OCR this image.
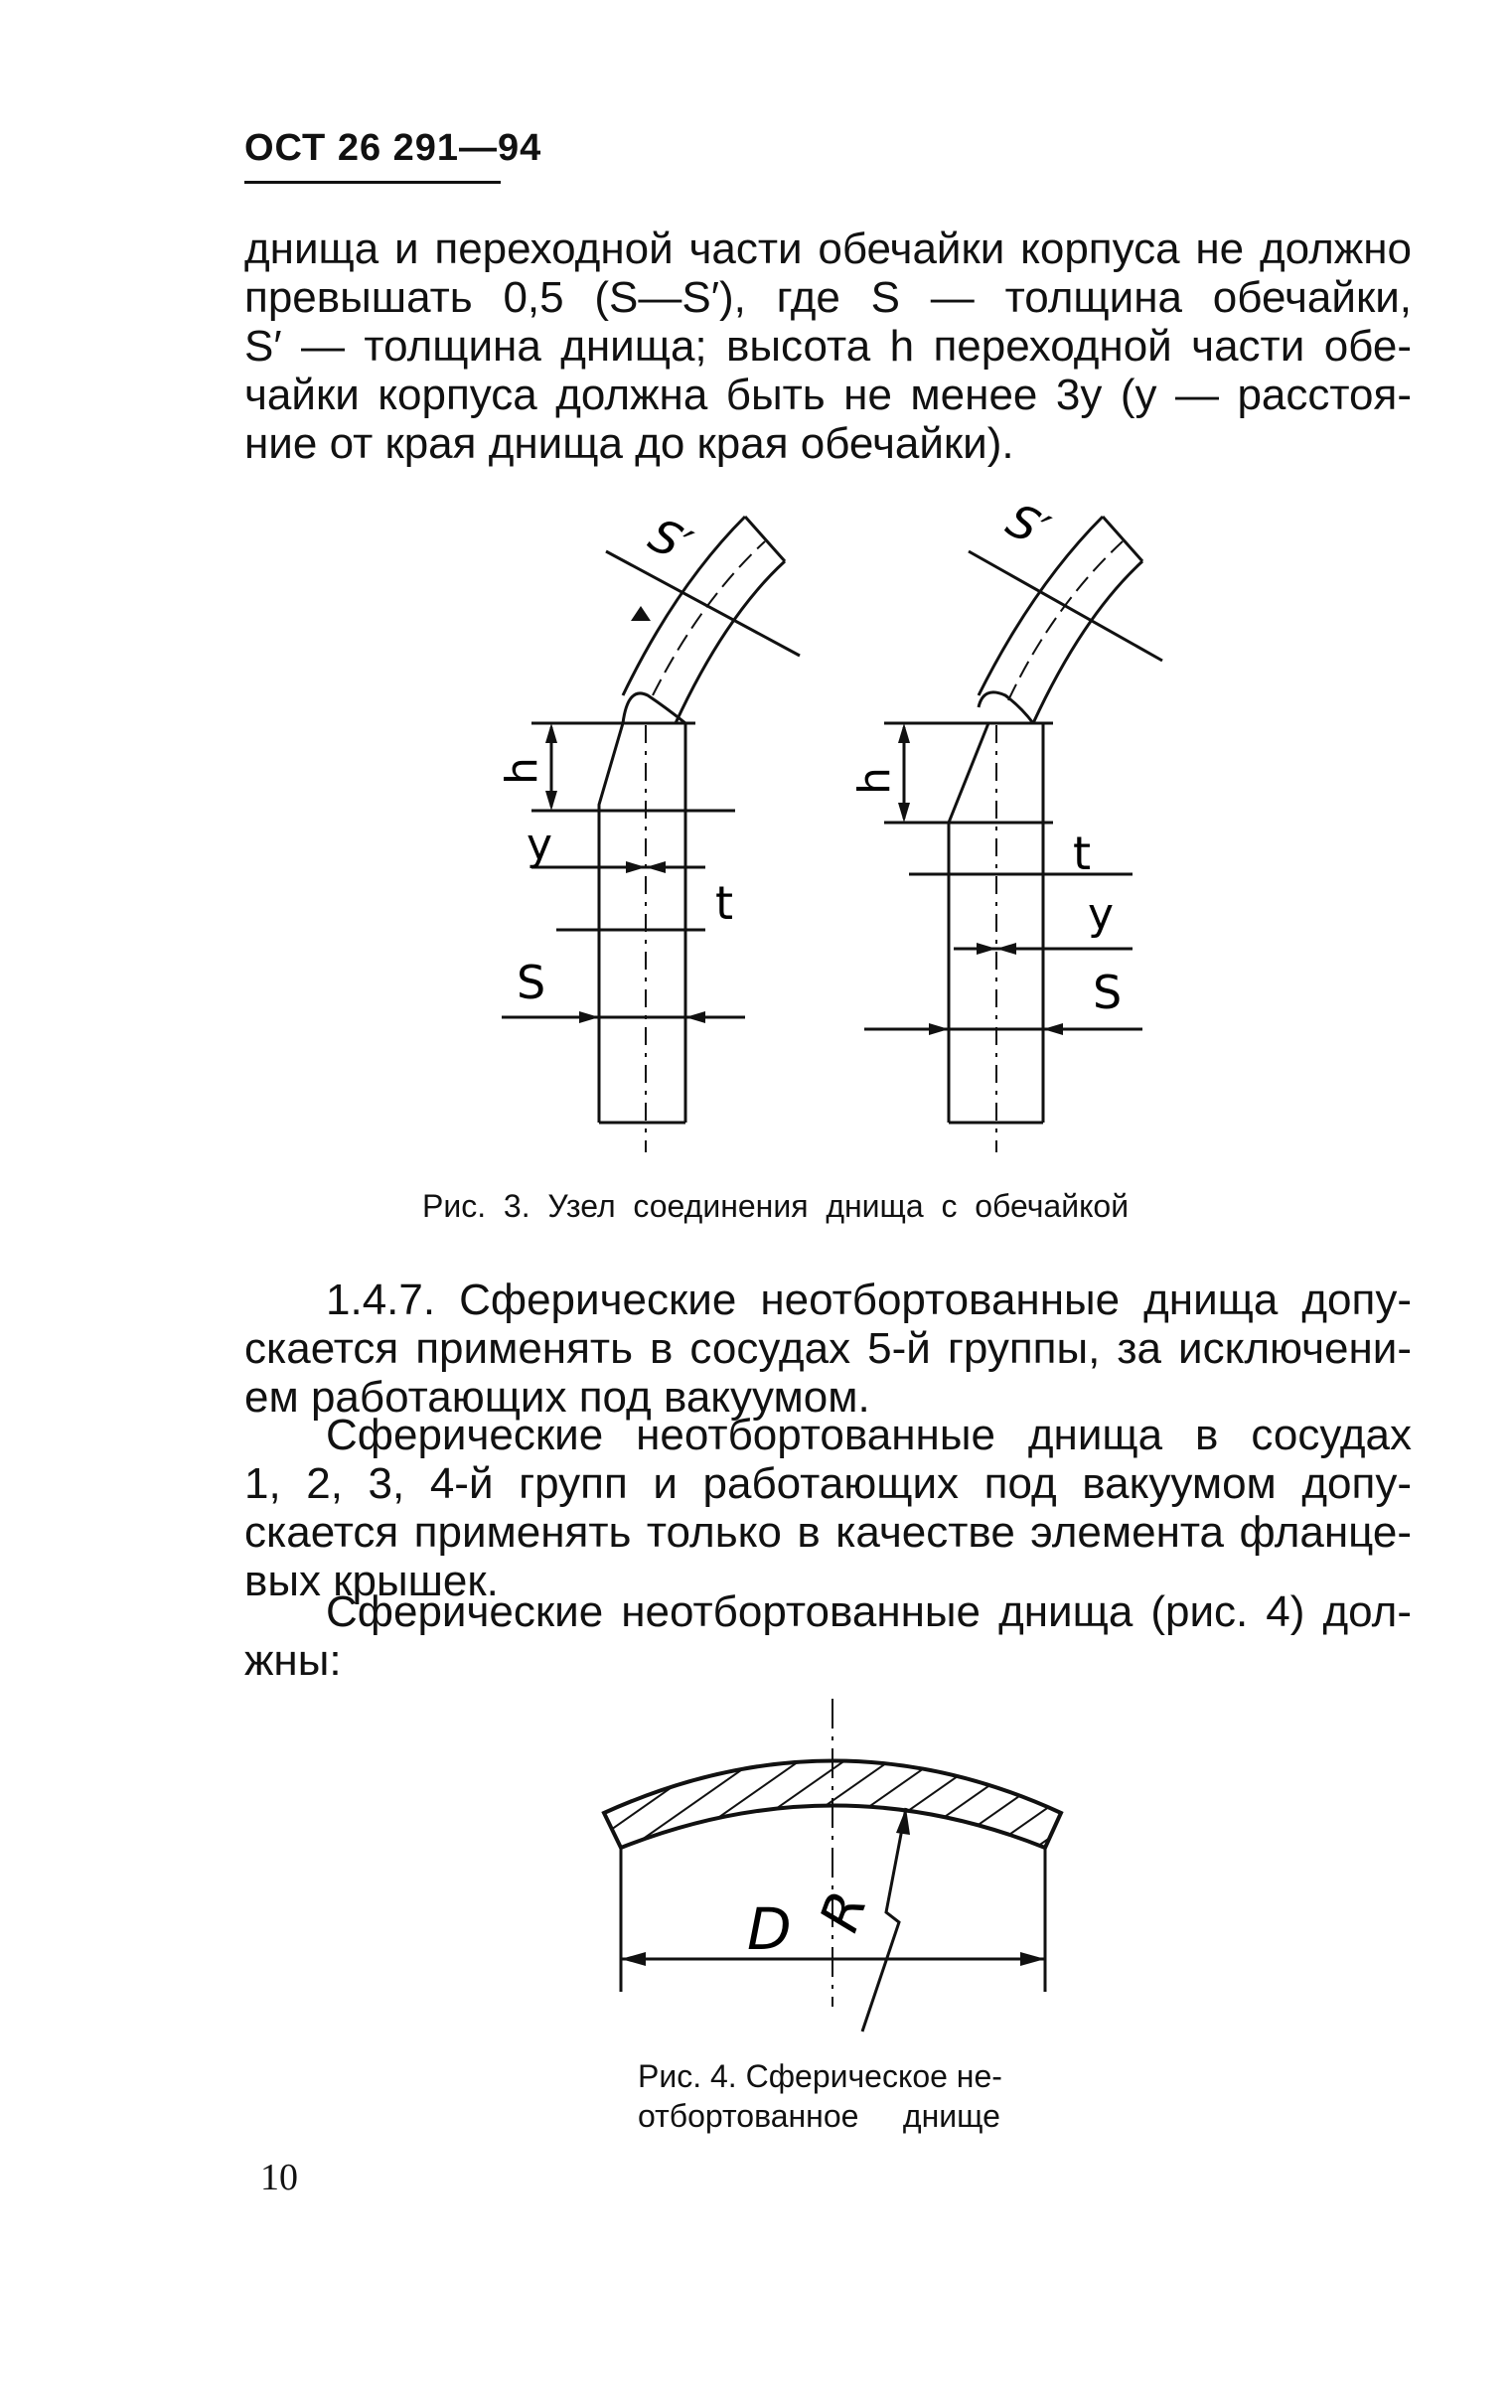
ОСТ 26 291—94
днища и переходной части обечайки корпуса не должно
превышать 0,5 (S—S′), где S — толщина обечайки,
S′ — толщина днища; высота h переходной части обе-
чайки корпуса должна быть не менее 3y (y — расстоя-
ние от края днища до края обечайки).
S′
h
y
t
S
S′
h
t
y
S
Рис.  3.  Узел  соединения  днища  с  обечайкой
1.4.7. Сферические неотбортованные днища допу-
скается применять в сосудах 5-й группы, за исключени-
ем работающих под вакуумом.
Сферические неотбортованные днища в сосудах
1, 2, 3, 4-й групп и работающих под вакуумом допу-
скается применять только в качестве элемента фланце-
вых крышек.
Сферические неотбортованные днища (рис. 4) дол-
жны:
D R
Рис. 4. Сферическое не-
отбортованное     днище
10
